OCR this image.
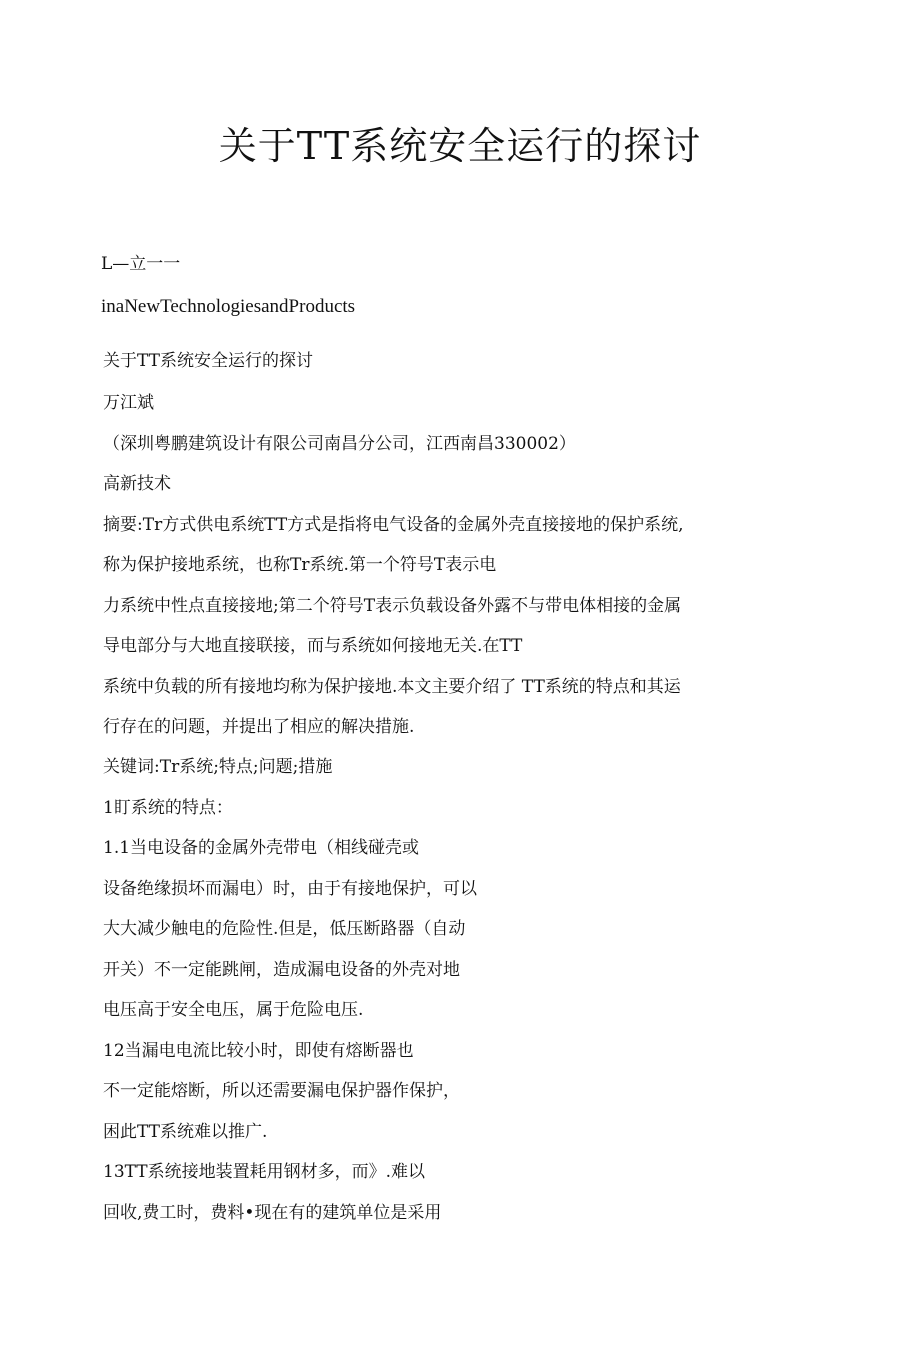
关于TT系统安全运行的探讨

L—立一一

inaNewTechnologiesandProducts

关于TT系统安全运行的探讨

万江斌

（深圳粤鹏建筑设计有限公司南昌分公司，江西南昌330002）

高新技术

摘要:Tr方式供电系统TT方式是指将电气设备的金属外壳直接接地的保护系统,

称为保护接地系统，也称Tr系统.第一个符号T表示电

力系统中性点直接接地;第二个符号T表示负载设备外露不与带电体相接的金属

导电部分与大地直接联接，而与系统如何接地无关.在TT

系统中负载的所有接地均称为保护接地.本文主要介绍了 TT系统的特点和其运

行存在的问题，并提出了相应的解决措施.

关键词:Tr系统;特点;问题;措施

1盯系统的特点：

1.1当电设备的金属外壳带电（相线碰壳或

设备绝缘损坏而漏电）时，由于有接地保护，可以

大大减少触电的危险性.但是，低压断路器（自动

开关）不一定能跳闸，造成漏电设备的外壳对地

电压高于安全电压，属于危险电压.

12当漏电电流比较小时，即使有熔断器也

不一定能熔断，所以还需要漏电保护器作保护，

困此TT系统难以推广.

13TT系统接地装置耗用钢材多，而》.难以

回收,费工时，费料•现在有的建筑单位是采用
